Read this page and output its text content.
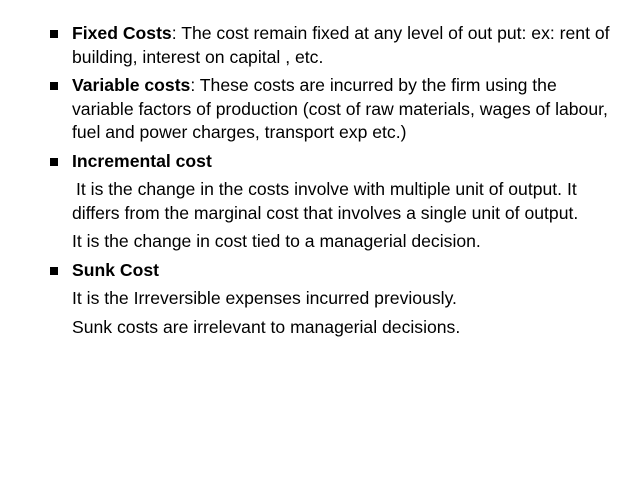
Fixed Costs: The cost remain fixed at any level of out put: ex: rent of building, interest on capital , etc.
Variable costs: These costs are incurred by the firm using the variable factors of production (cost of raw materials, wages of labour, fuel and power charges, transport exp etc.)
Incremental cost
It is the change in the costs involve with multiple unit of output. It differs from the marginal cost that involves a single unit of output.
It is the change in cost tied to a managerial decision.
Sunk Cost
It is the Irreversible expenses incurred previously.
Sunk costs are irrelevant to managerial decisions.
